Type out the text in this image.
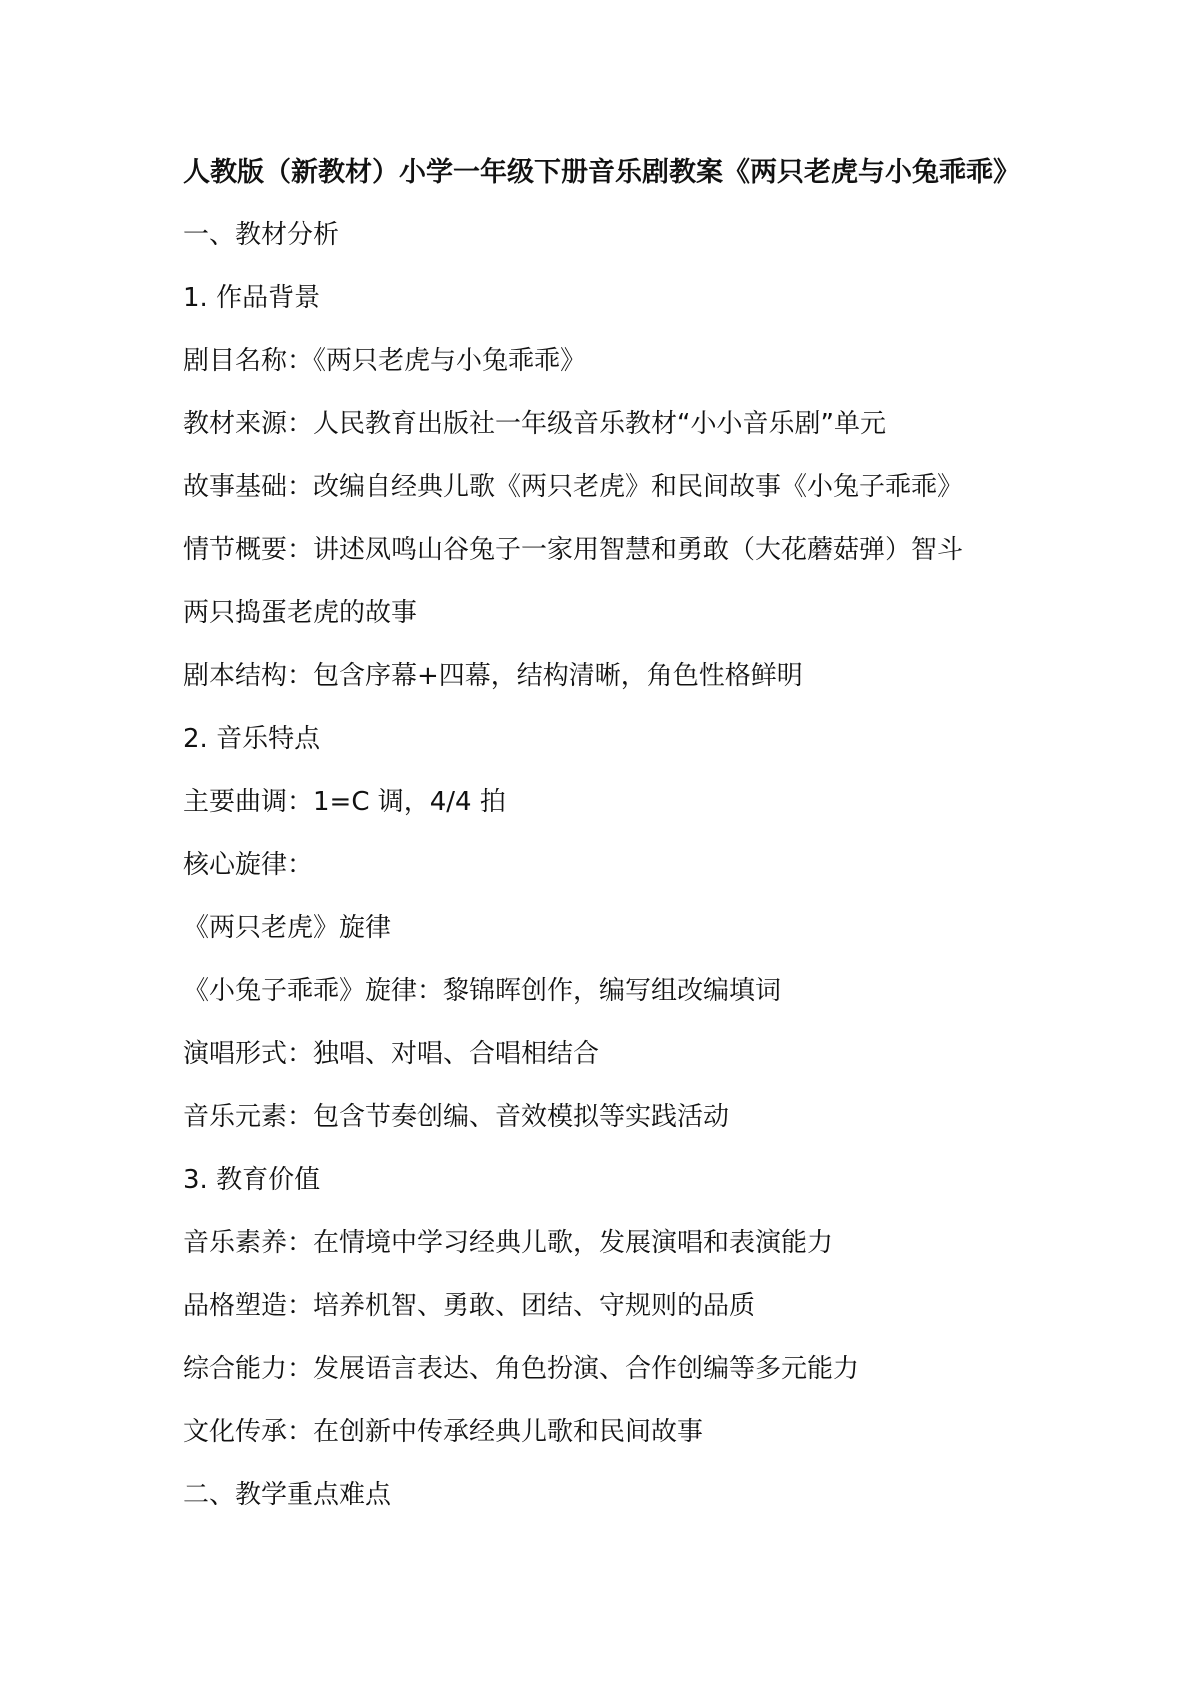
人教版（新教材）小学一年级下册音乐剧教案《两只老虎与小兔乖乖》
一、教材分析
1. 作品背景
剧目名称：《两只老虎与小兔乖乖》
教材来源：人民教育出版社一年级音乐教材“小小音乐剧”单元
故事基础：改编自经典儿歌《两只老虎》和民间故事《小兔子乖乖》
情节概要：讲述凤鸣山谷兔子一家用智慧和勇敢（大花蘑菇弹）智斗
两只捣蛋老虎的故事
剧本结构：包含序幕+四幕，结构清晰，角色性格鲜明
2. 音乐特点
主要曲调：1=C 调，4/4 拍
核心旋律：
《两只老虎》旋律
《小兔子乖乖》旋律：黎锦晖创作，编写组改编填词
演唱形式：独唱、对唱、合唱相结合
音乐元素：包含节奏创编、音效模拟等实践活动
3. 教育价值
音乐素养：在情境中学习经典儿歌，发展演唱和表演能力
品格塑造：培养机智、勇敢、团结、守规则的品质
综合能力：发展语言表达、角色扮演、合作创编等多元能力
文化传承：在创新中传承经典儿歌和民间故事
二、教学重点难点
